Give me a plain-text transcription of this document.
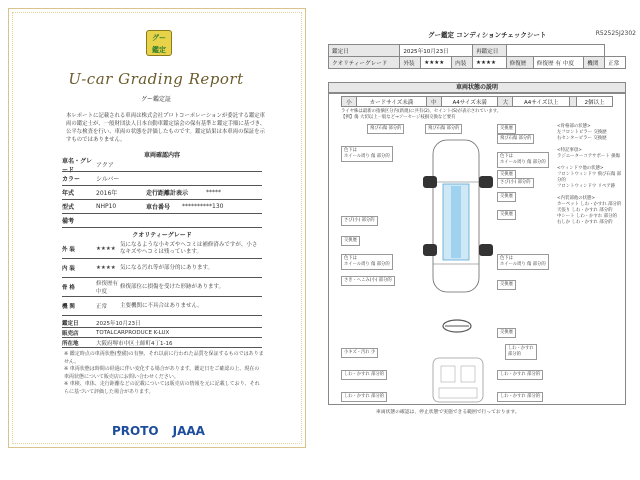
グー
鑑定
U-car Grading Report
グー鑑定証
本レポートに記載される車両は株式会社プロトコーポレーションが委託する鑑定車両の鑑定士が、一般財団法人日本自動車鑑定協会の保有基準と鑑定手順に基づき、公平な検査を行い、車両の状態を評価したものです。鑑定結果は本車両の保証を示すものではありません。
車両確認内容
車名・グレード
アクア
カラー	シルバー
年式	2016年	走行距離計表示	*****
型式	NHP10	車台番号	**********130
備考
クオリティーグレード
外 装	★★★★
気になるような小キズやヘコミは補修済みですが、小さなキズやヘコミは残っています。
内 装	★★★★ 気になる汚れ等が部分的にあります。
骨 格
修復歴有 中度
修復部位に損傷を受けた形跡があります。
機 関	正常	主要機関に不具合はありません。
鑑定日	2025年10月23日
販売店	TOTALCARPRODUCE K-LUX
所在地	大阪府堺市中区土師町4丁1-16
※ 鑑定時点の車両状態(整備)の有無、それ以前に行われた品質を保証するものではありません。
※ 車両状態は時間の経過に伴い変化する場合があります。鑑定日をご確認の上、現在の車両状態について販売店にお問い合わせください。
※ 車検、車体、走行距離などの記載については販売店の情報を元に記載しており、それらに基づいて評価した場合があります。
PROTO JAAA
グー鑑定 コンディションチェックシート	R52525J2302
鑑定日	2025年10月23日			再鑑定日				
クオリティーグレード	外装	★★★★	内装	★★★★	修復歴	修復歴 有 中度	機関	正常
車両状態の説明
小	カードサイズ未満	中	A4サイズ未満	大	A4サイズ以上		2個以上
ライヤ株は最新の指摘区分内(新規)に共有(2)、セイント(S)が表示されています。
【例】傷 大切以上一般など→ソーセージ枝損交換など要有
飛び石傷 部分的	飛び石傷 部分的	交換歴
飛び石傷 部分的
色下は
ホイール周り 傷 部分的	色下は
ホイール周り 傷 部分的
交換歴
さび(小) 部分的
交換歴
交換歴
さび(小) 部分的
交換歴
色下は
ホイール周り 傷 部分的
色下は
ホイール周り 傷 部分的
さき・へこみ(小) 部分的
交換歴
交換歴
しわ・かすれ
部分的
小キズ・汚れ 少
しわ・かすれ 部分的	しわ・かすれ 部分的
しわ・かすれ 部分的	しわ・かすれ 部分的
<骨格部の状態>
左フロントピラー 交換歴
右センターピラー 交換歴

<特記事項>
ラジエーターコアサポート 損傷

<ウィンドウ他の状態>
フロントウィンドウ 飛び石傷 部分的
フロントウィンドウ リペア跡

<内装部他の状態>
カーペット しわ・かすれ 部分的
天張り しわ・かすれ 部分的
中シート しわ・かすれ 部分的
右しか しわ・かすれ 部分的
車両状態の確認は、停止状態で実施できる範囲で行っております。
